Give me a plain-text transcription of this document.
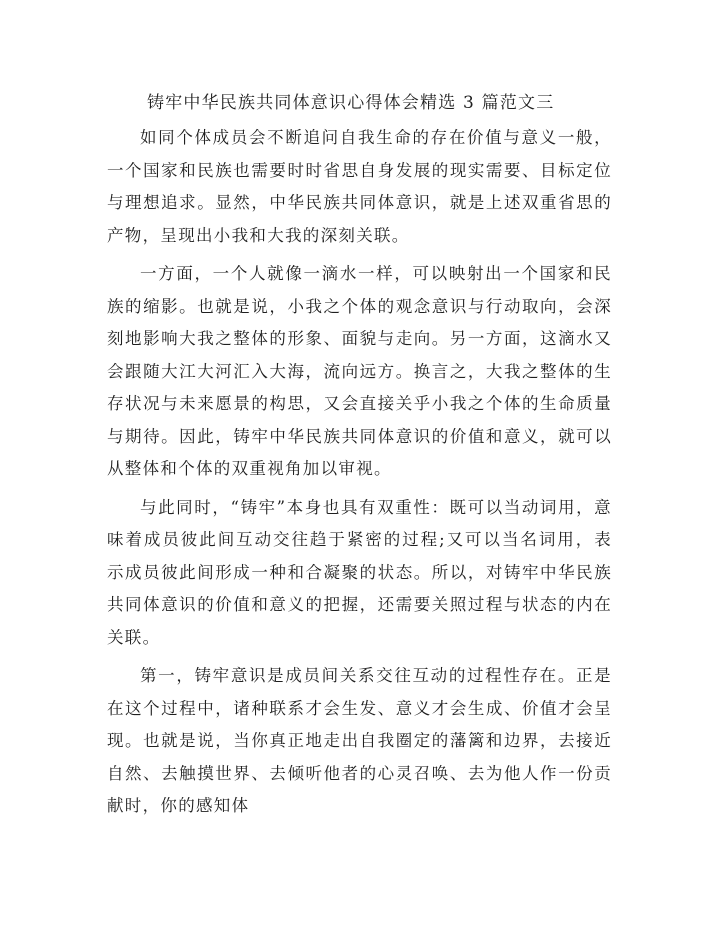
铸牢中华民族共同体意识心得体会精选 3 篇范文三

如同个体成员会不断追问自我生命的存在价值与意义一般，一个国家和民族也需要时时省思自身发展的现实需要、目标定位与理想追求。显然，中华民族共同体意识，就是上述双重省思的产物，呈现出小我和大我的深刻关联。

一方面，一个人就像一滴水一样，可以映射出一个国家和民族的缩影。也就是说，小我之个体的观念意识与行动取向，会深刻地影响大我之整体的形象、面貌与走向。另一方面，这滴水又会跟随大江大河汇入大海，流向远方。换言之，大我之整体的生存状况与未来愿景的构思，又会直接关乎小我之个体的生命质量与期待。因此，铸牢中华民族共同体意识的价值和意义，就可以从整体和个体的双重视角加以审视。

与此同时，“铸牢”本身也具有双重性：既可以当动词用，意味着成员彼此间互动交往趋于紧密的过程;又可以当名词用，表示成员彼此间形成一种和合凝聚的状态。所以，对铸牢中华民族共同体意识的价值和意义的把握，还需要关照过程与状态的内在关联。

第一，铸牢意识是成员间关系交往互动的过程性存在。正是在这个过程中，诸种联系才会生发、意义才会生成、价值才会呈现。也就是说，当你真正地走出自我圈定的藩篱和边界，去接近自然、去触摸世界、去倾听他者的心灵召唤、去为他人作一份贡献时，你的感知体
